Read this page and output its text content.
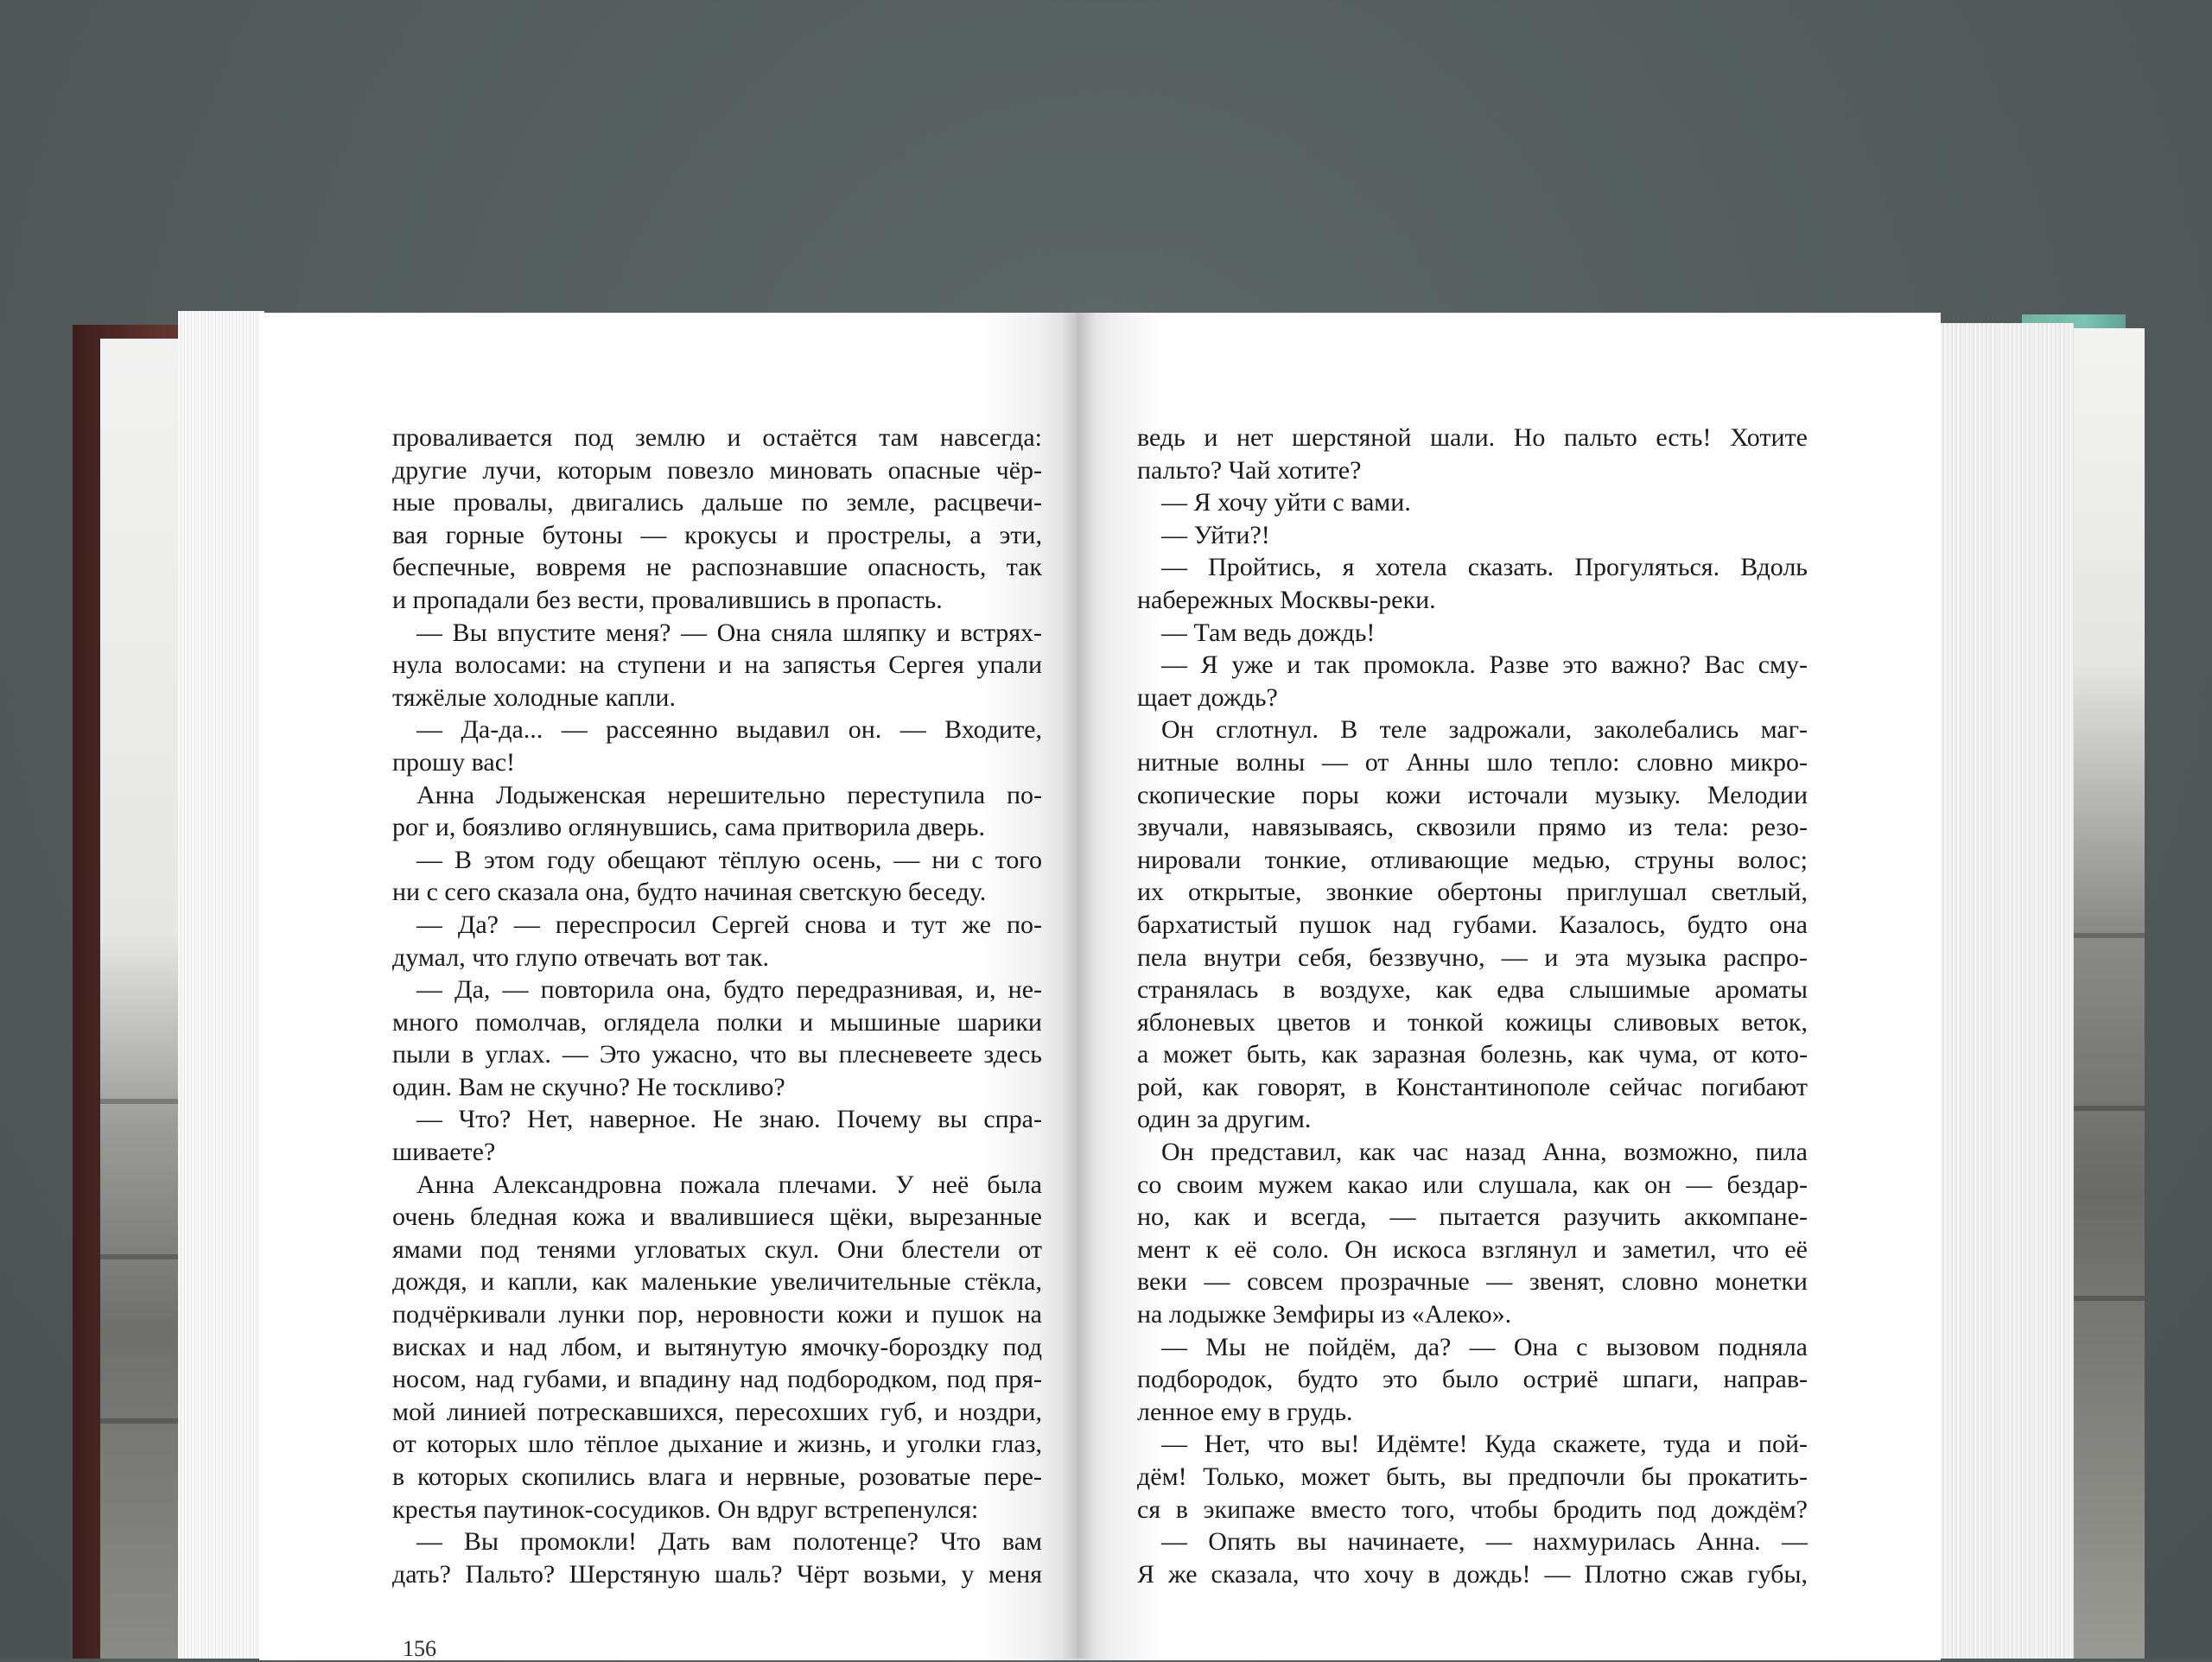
проваливается под землю и остаётся там навсегда:
другие лучи, которым повезло миновать опасные чёр-
ные провалы, двигались дальше по земле, расцвечи-
вая горные бутоны — крокусы и прострелы, а эти,
беспечные, вовремя не распознавшие опасность, так
и пропадали без вести, провалившись в пропасть.
— Вы впустите меня? — Она сняла шляпку и встрях-
нула волосами: на ступени и на запястья Сергея упали
тяжёлые холодные капли.
— Да-да... — рассеянно выдавил он. — Входите,
прошу вас!
Анна Лодыженская нерешительно переступила по-
рог и, боязливо оглянувшись, сама притворила дверь.
— В этом году обещают тёплую осень, — ни с того
ни с сего сказала она, будто начиная светскую беседу.
— Да? — переспросил Сергей снова и тут же по-
думал, что глупо отвечать вот так.
— Да, — повторила она, будто передразнивая, и, не-
много помолчав, оглядела полки и мышиные шарики
пыли в углах. — Это ужасно, что вы плесневеете здесь
один. Вам не скучно? Не тоскливо?
— Что? Нет, наверное. Не знаю. Почему вы спра-
шиваете?
Анна Александровна пожала плечами. У неё была
очень бледная кожа и ввалившиеся щёки, вырезанные
ямами под тенями угловатых скул. Они блестели от
дождя, и капли, как маленькие увеличительные стёкла,
подчёркивали лунки пор, неровности кожи и пушок на
висках и над лбом, и вытянутую ямочку-бороздку под
носом, над губами, и впадину над подбородком, под пря-
мой линией потрескавшихся, пересохших губ, и ноздри,
от которых шло тёплое дыхание и жизнь, и уголки глаз,
в которых скопились влага и нервные, розоватые пере-
крестья паутинок-сосудиков. Он вдруг встрепенулся:
— Вы промокли! Дать вам полотенце? Что вам
дать? Пальто? Шерстяную шаль? Чёрт возьми, у меня
156
ведь и нет шерстяной шали. Но пальто есть! Хотите
пальто? Чай хотите?
— Я хочу уйти с вами.
— Уйти?!
— Пройтись, я хотела сказать. Прогуляться. Вдоль
набережных Москвы-реки.
— Там ведь дождь!
— Я уже и так промокла. Разве это важно? Вас сму-
щает дождь?
Он сглотнул. В теле задрожали, заколебались маг-
нитные волны — от Анны шло тепло: словно микро-
скопические поры кожи источали музыку. Мелодии
звучали, навязываясь, сквозили прямо из тела: резо-
нировали тонкие, отливающие медью, струны волос;
их открытые, звонкие обертоны приглушал светлый,
бархатистый пушок над губами. Казалось, будто она
пела внутри себя, беззвучно, — и эта музыка распро-
странялась в воздухе, как едва слышимые ароматы
яблоневых цветов и тонкой кожицы сливовых веток,
а может быть, как заразная болезнь, как чума, от кото-
рой, как говорят, в Константинополе сейчас погибают
один за другим.
Он представил, как час назад Анна, возможно, пила
со своим мужем какао или слушала, как он — бездар-
но, как и всегда, — пытается разучить аккомпане-
мент к её соло. Он искоса взглянул и заметил, что её
веки — совсем прозрачные — звенят, словно монетки
на лодыжке Земфиры из «Алеко».
— Мы не пойдём, да? — Она с вызовом подняла
подбородок, будто это было остриё шпаги, направ-
ленное ему в грудь.
— Нет, что вы! Идёмте! Куда скажете, туда и пой-
дём! Только, может быть, вы предпочли бы прокатить-
ся в экипаже вместо того, чтобы бродить под дождём?
— Опять вы начинаете, — нахмурилась Анна. —
Я же сказала, что хочу в дождь! — Плотно сжав губы,
